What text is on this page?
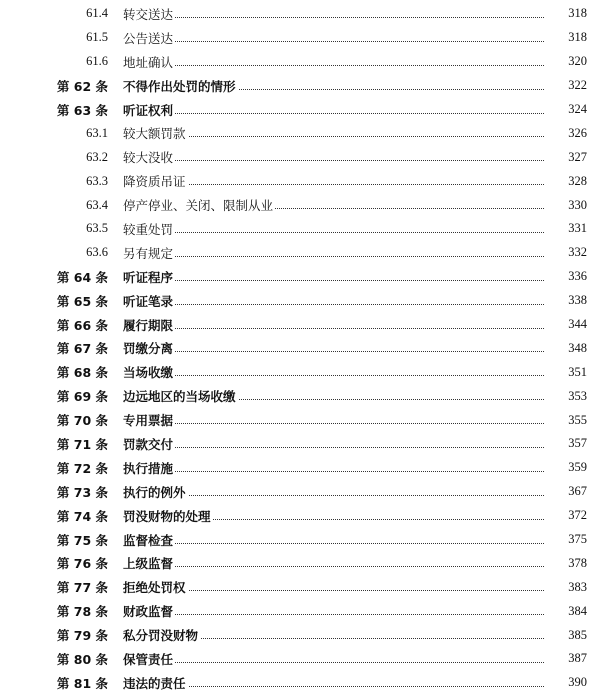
61.4 转交送达	318
61.5 公告送达	318
61.6 地址确认	320
第 62 条 不得作出处罚的情形	322
第 63 条 听证权利	324
63.1 较大额罚款	326
63.2 较大没收	327
63.3 降资质吊证	328
63.4 停产停业、关闭、限制从业	330
63.5 较重处罚	331
63.6 另有规定	332
第 64 条 听证程序	336
第 65 条 听证笔录	338
第 66 条 履行期限	344
第 67 条 罚缴分离	348
第 68 条 当场收缴	351
第 69 条 边远地区的当场收缴	353
第 70 条 专用票据	355
第 71 条 罚款交付	357
第 72 条 执行措施	359
第 73 条 执行的例外	367
第 74 条 罚没财物的处理	372
第 75 条 监督检查	375
第 76 条 上级监督	378
第 77 条 拒绝处罚权	383
第 78 条 财政监督	384
第 79 条 私分罚没财物	385
第 80 条 保管责任	387
第 81 条 违法的责任	390
